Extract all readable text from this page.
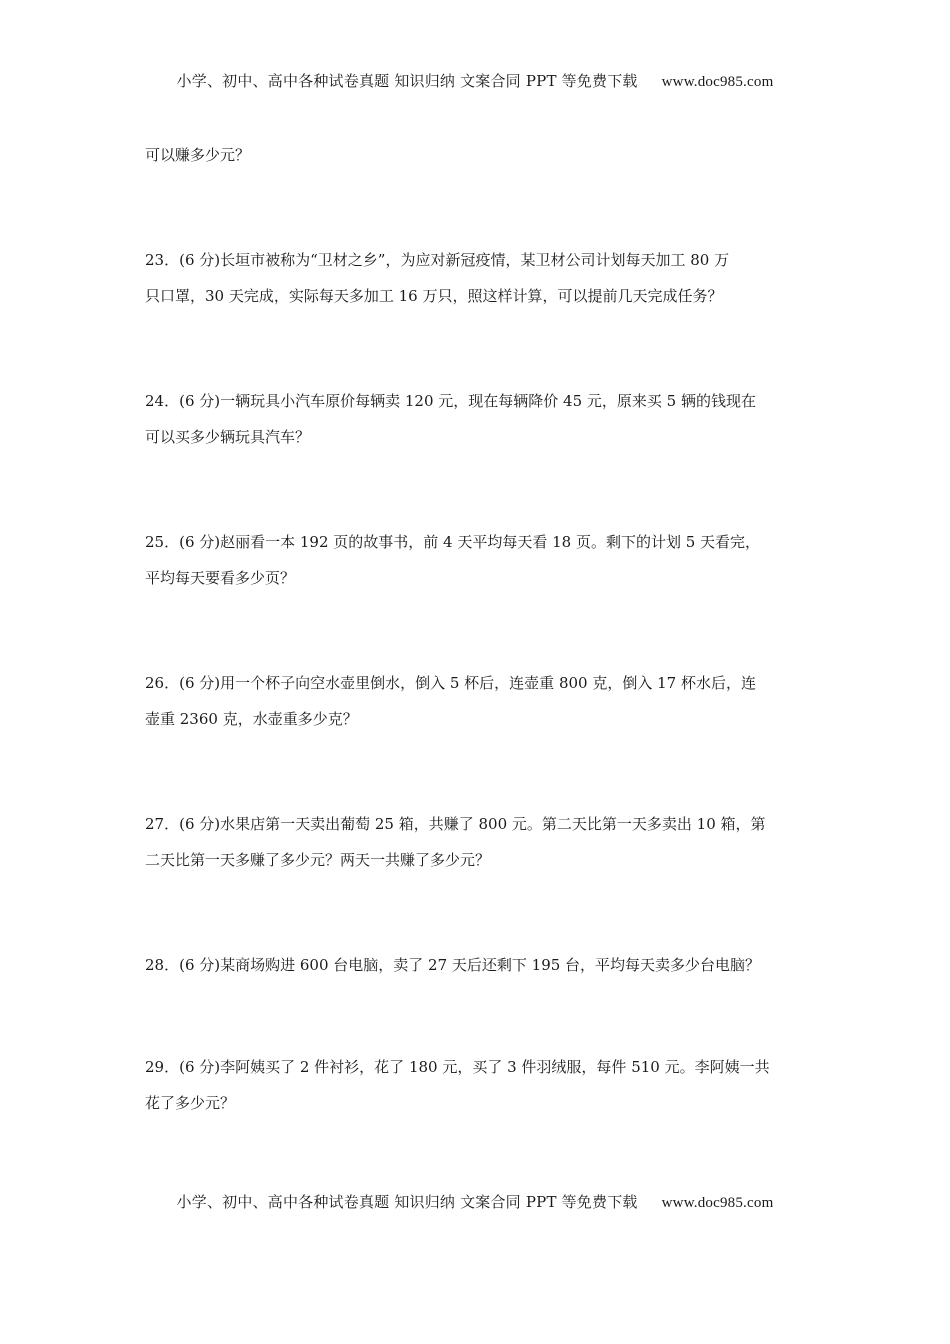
小学、初中、高中各种试卷真题 知识归纳 文案合同 PPT 等免费下载 www.doc985.com
可以赚多少元？
23．(6 分)长垣市被称为“卫材之乡”，为应对新冠疫情，某卫材公司计划每天加工 80 万
只口罩，30 天完成，实际每天多加工 16 万只，照这样计算，可以提前几天完成任务？
24．(6 分)一辆玩具小汽车原价每辆卖 120 元，现在每辆降价 45 元，原来买 5 辆的钱现在
可以买多少辆玩具汽车？
25．(6 分)赵丽看一本 192 页的故事书，前 4 天平均每天看 18 页。剩下的计划 5 天看完，
平均每天要看多少页？
26．(6 分)用一个杯子向空水壶里倒水，倒入 5 杯后，连壶重 800 克，倒入 17 杯水后，连
壶重 2360 克，水壶重多少克？
27．(6 分)水果店第一天卖出葡萄 25 箱，共赚了 800 元。第二天比第一天多卖出 10 箱，第
二天比第一天多赚了多少元？两天一共赚了多少元？
28．(6 分)某商场购进 600 台电脑，卖了 27 天后还剩下 195 台，平均每天卖多少台电脑？
29．(6 分)李阿姨买了 2 件衬衫，花了 180 元，买了 3 件羽绒服，每件 510 元。李阿姨一共
花了多少元？
小学、初中、高中各种试卷真题 知识归纳 文案合同 PPT 等免费下载 www.doc985.com
